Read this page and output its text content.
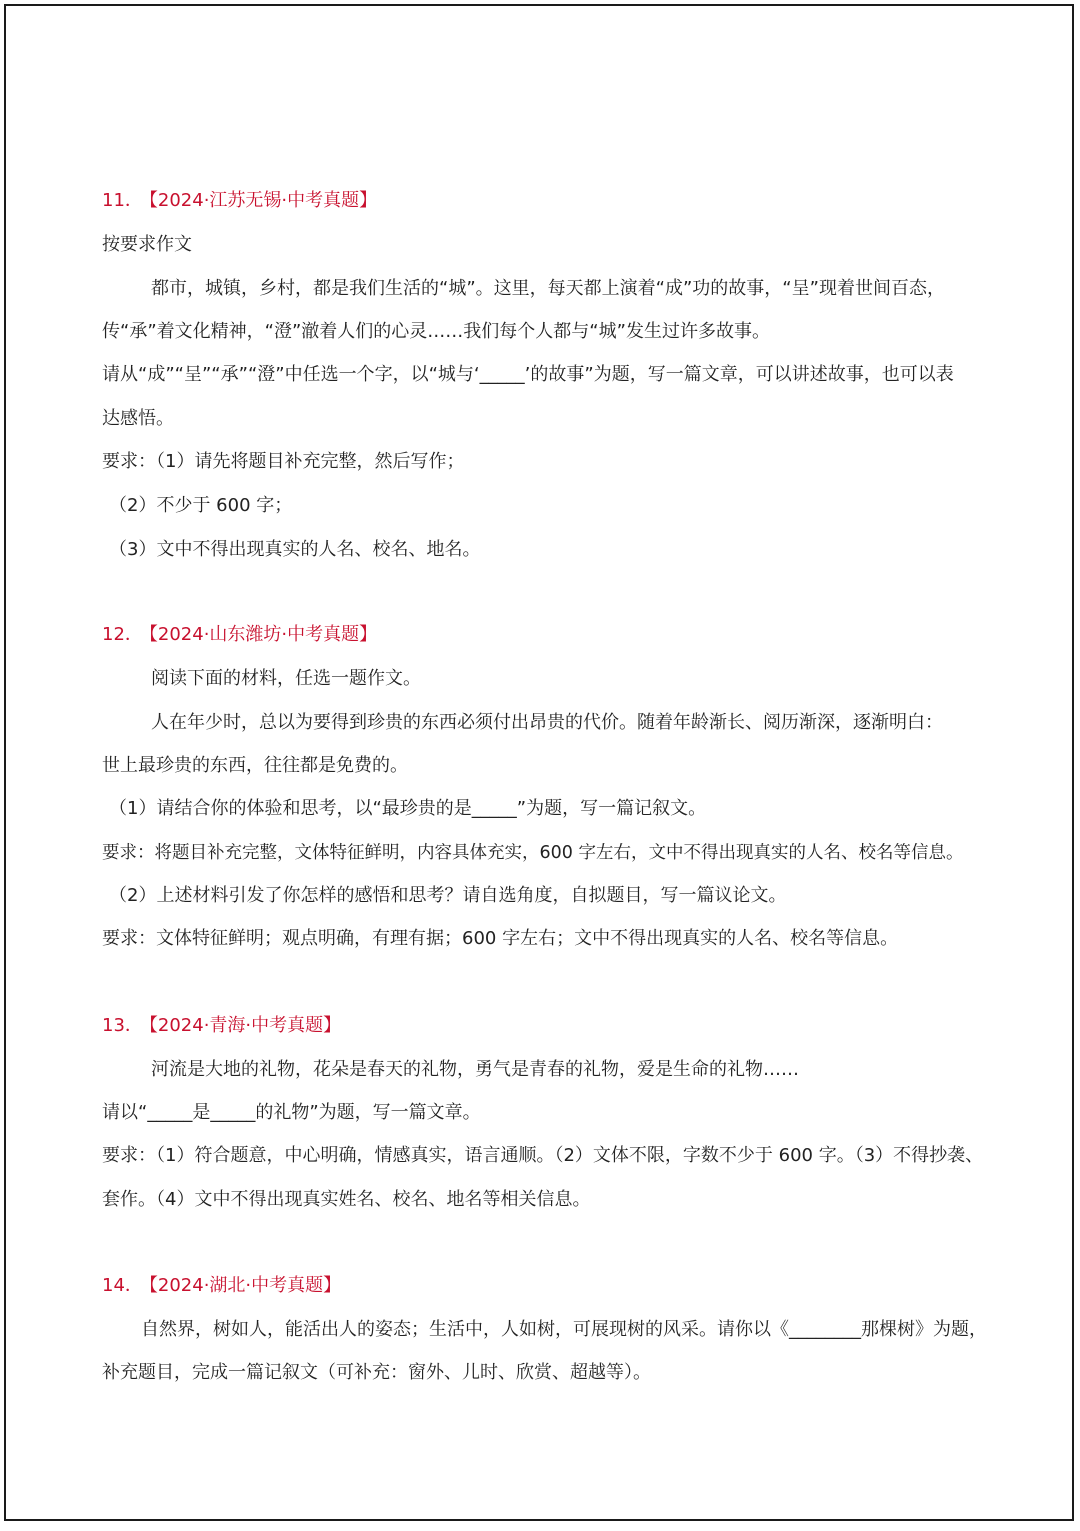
11． 【2024·江苏无锡·中考真题】
按要求作文
都市，城镇，乡村，都是我们生活的“城”。这里，每天都上演着“成”功的故事，“呈”现着世间百态，
传“承”着文化精神，“澄”澈着人们的心灵……我们每个人都与“城”发生过许多故事。
请从“成”“呈”“承”“澄”中任选一个字，以“城与‘_____’的故事”为题，写一篇文章，可以讲述故事，也可以表
达感悟。
要求：（1）请先将题目补充完整，然后写作；
（2）不少于 600 字；
（3）文中不得出现真实的人名、校名、地名。
12． 【2024·山东潍坊·中考真题】
阅读下面的材料，任选一题作文。
人在年少时，总以为要得到珍贵的东西必须付出昂贵的代价。随着年龄渐长、阅历渐深，逐渐明白：
世上最珍贵的东西，往往都是免费的。
（1）请结合你的体验和思考，以“最珍贵的是_____”为题，写一篇记叙文。
要求：将题目补充完整，文体特征鲜明，内容具体充实，600 字左右，文中不得出现真实的人名、校名等信息。
（2）上述材料引发了你怎样的感悟和思考？请自选角度，自拟题目，写一篇议论文。
要求：文体特征鲜明；观点明确，有理有据；600 字左右；文中不得出现真实的人名、校名等信息。
13． 【2024·青海·中考真题】
河流是大地的礼物，花朵是春天的礼物，勇气是青春的礼物，爱是生命的礼物……
请以“_____是_____的礼物”为题，写一篇文章。
要求：（1）符合题意，中心明确，情感真实，语言通顺。（2）文体不限，字数不少于 600 字。（3）不得抄袭、
套作。（4）文中不得出现真实姓名、校名、地名等相关信息。
14． 【2024·湖北·中考真题】
自然界，树如人，能活出人的姿态；生活中，人如树，可展现树的风采。请你以《________那棵树》为题，
补充题目，完成一篇记叙文（可补充：窗外、儿时、欣赏、超越等）。
